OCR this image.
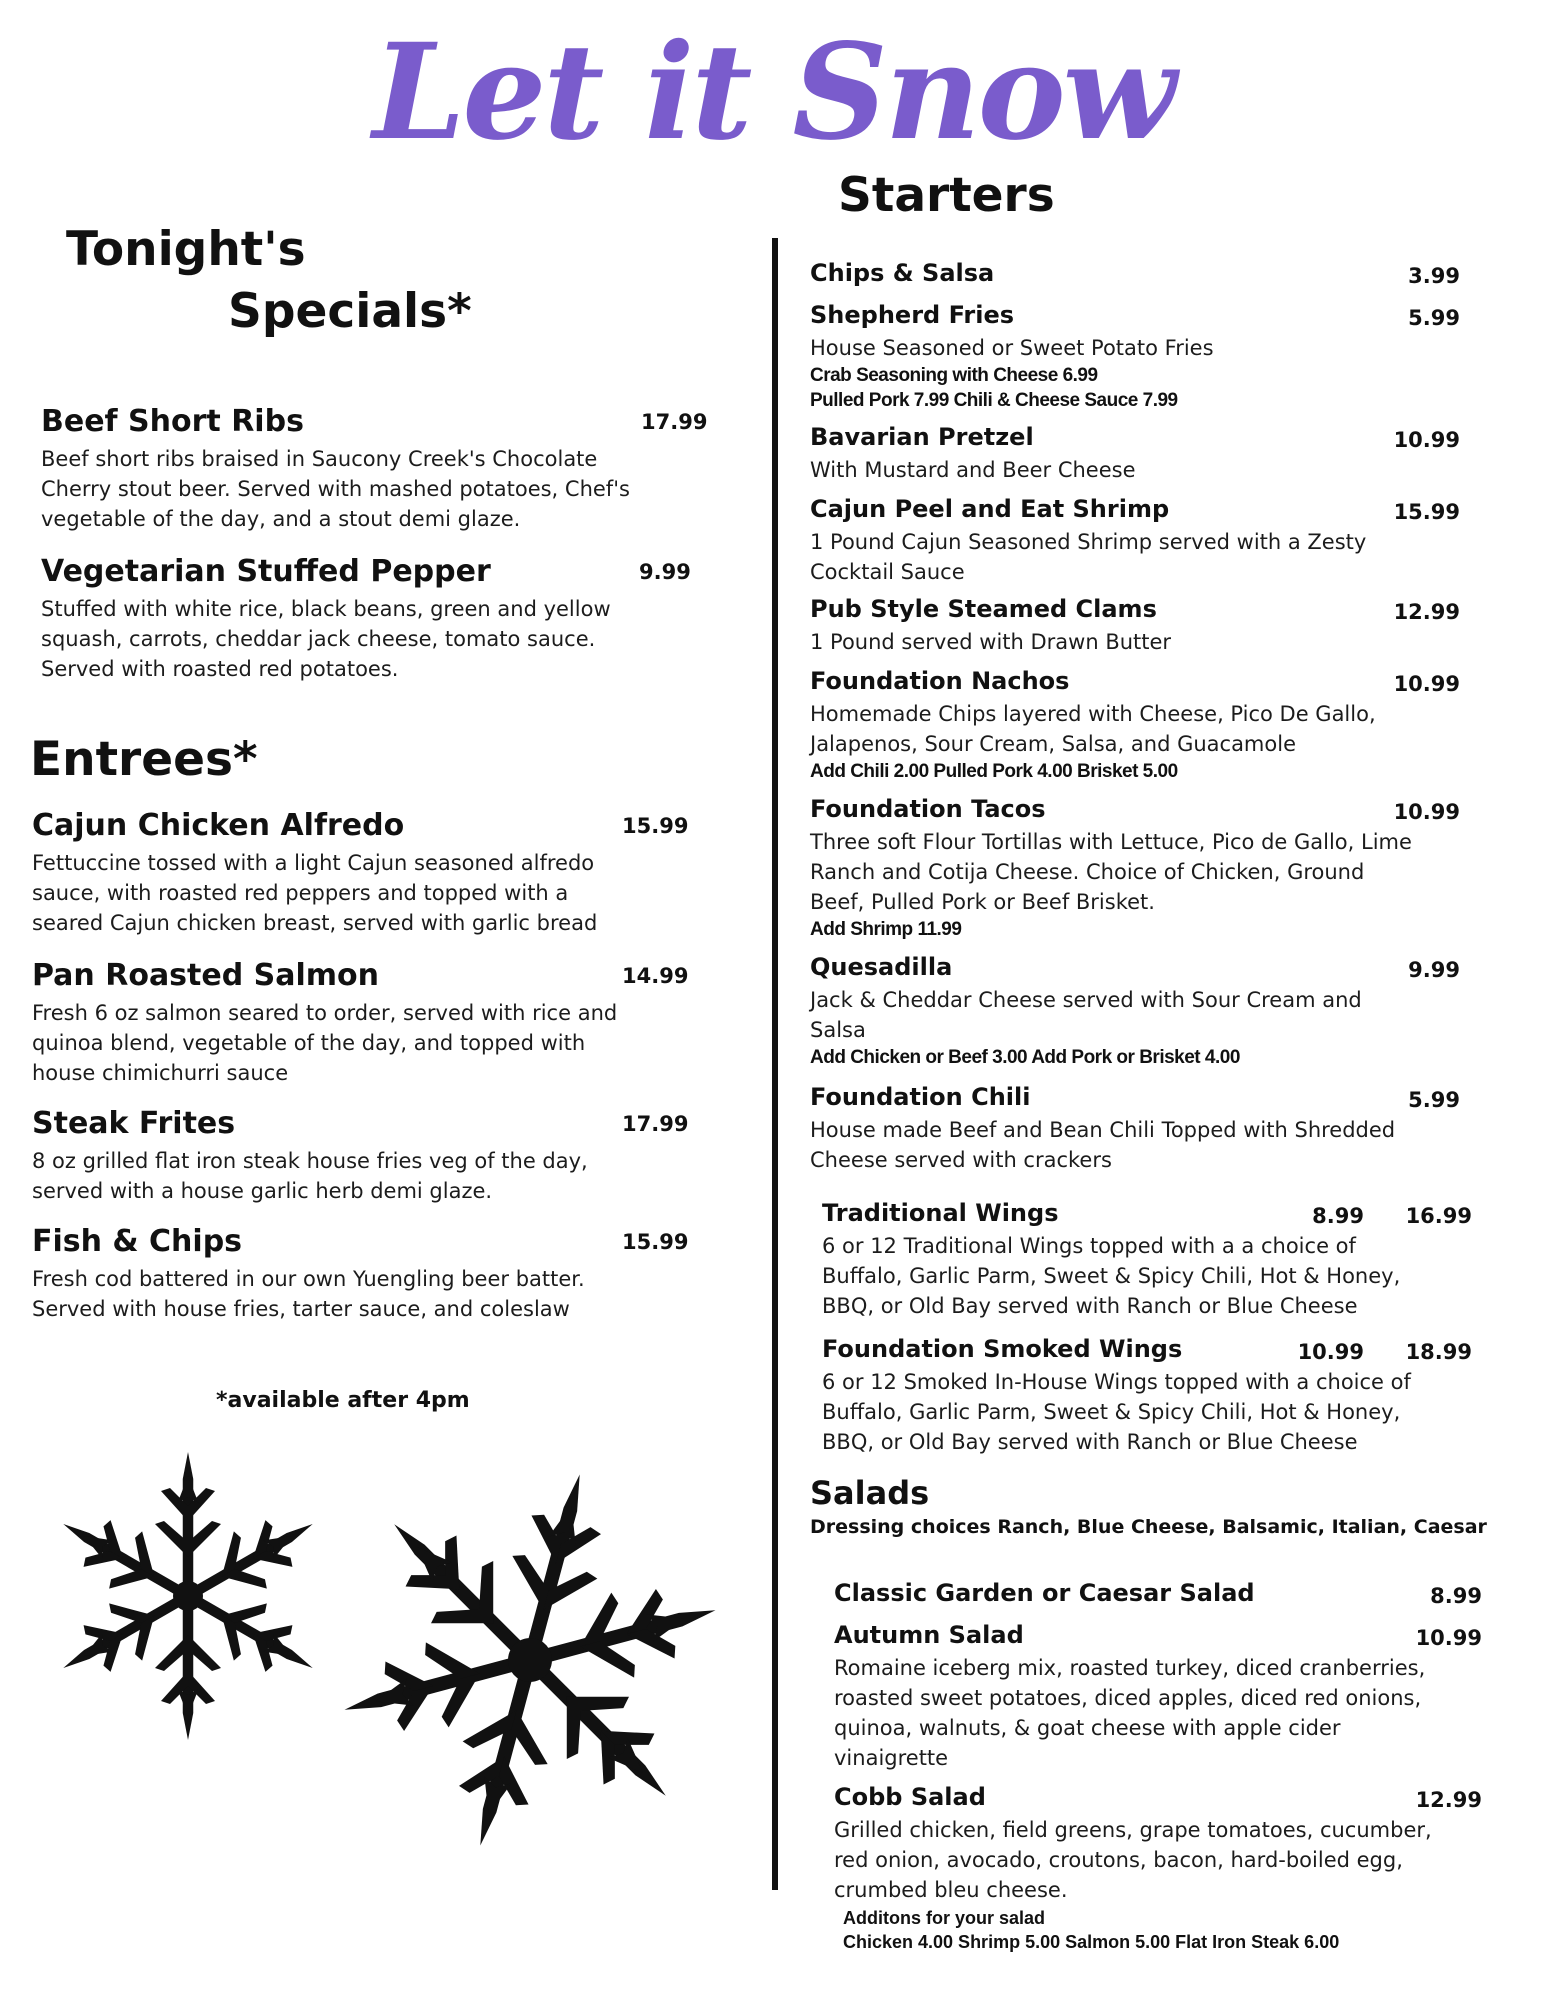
Let it Snow
Starters
Tonight's
Specials*
Beef Short Ribs	17.99
Beef short ribs braised in Saucony Creek's Chocolate
Cherry stout beer. Served with mashed potatoes, Chef's
vegetable of the day, and a stout demi glaze.
Vegetarian Stuffed Pepper	9.99
Stuffed with white rice, black beans, green and yellow
squash, carrots, cheddar jack cheese, tomato sauce.
Served with roasted red potatoes.
Entrees*
Cajun Chicken Alfredo	15.99
Fettuccine tossed with a light Cajun seasoned alfredo
sauce, with roasted red peppers and topped with a
seared Cajun chicken breast, served with garlic bread
Pan Roasted Salmon	14.99
Fresh 6 oz salmon seared to order, served with rice and
quinoa blend, vegetable of the day, and topped with
house chimichurri sauce
Steak Frites	17.99
8 oz grilled flat iron steak house fries veg of the day,
served with a house garlic herb demi glaze.
Fish & Chips	15.99
Fresh cod battered in our own Yuengling beer batter.
Served with house fries, tarter sauce, and coleslaw
*available after 4pm
Chips & Salsa	3.99
Shepherd Fries	5.99
House Seasoned or Sweet Potato Fries
Crab Seasoning with Cheese 6.99
Pulled Pork 7.99 Chili & Cheese Sauce 7.99
Bavarian Pretzel	10.99
With Mustard and Beer Cheese
Cajun Peel and Eat Shrimp	15.99
1 Pound Cajun Seasoned Shrimp served with a Zesty
Cocktail Sauce
Pub Style Steamed Clams	12.99
1 Pound served with Drawn Butter
Foundation Nachos	10.99
Homemade Chips layered with Cheese, Pico De Gallo,
Jalapenos, Sour Cream, Salsa, and Guacamole
Add Chili 2.00 Pulled Pork 4.00 Brisket 5.00
Foundation Tacos	10.99
Three soft Flour Tortillas with Lettuce, Pico de Gallo, Lime
Ranch and Cotija Cheese. Choice of Chicken, Ground
Beef, Pulled Pork or Beef Brisket.
Add Shrimp 11.99
Quesadilla	9.99
Jack & Cheddar Cheese served with Sour Cream and
Salsa
Add Chicken or Beef 3.00 Add Pork or Brisket 4.00
Foundation Chili	5.99
House made Beef and Bean Chili Topped with Shredded
Cheese served with crackers
Traditional Wings	8.99 16.99
6 or 12 Traditional Wings topped with a a choice of
Buffalo, Garlic Parm, Sweet & Spicy Chili, Hot & Honey,
BBQ, or Old Bay served with Ranch or Blue Cheese
Foundation Smoked Wings	10.99 18.99
6 or 12 Smoked In-House Wings topped with a choice of
Buffalo, Garlic Parm, Sweet & Spicy Chili, Hot & Honey,
BBQ, or Old Bay served with Ranch or Blue Cheese
Salads
Dressing choices Ranch, Blue Cheese, Balsamic, Italian, Caesar
Classic Garden or Caesar Salad	8.99
Autumn Salad	10.99
Romaine iceberg mix, roasted turkey, diced cranberries,
roasted sweet potatoes, diced apples, diced red onions,
quinoa, walnuts, & goat cheese with apple cider
vinaigrette
Cobb Salad	12.99
Grilled chicken, field greens, grape tomatoes, cucumber,
red onion, avocado, croutons, bacon, hard-boiled egg,
crumbed bleu cheese.
Additons for your salad
Chicken 4.00 Shrimp 5.00 Salmon 5.00 Flat Iron Steak 6.00
